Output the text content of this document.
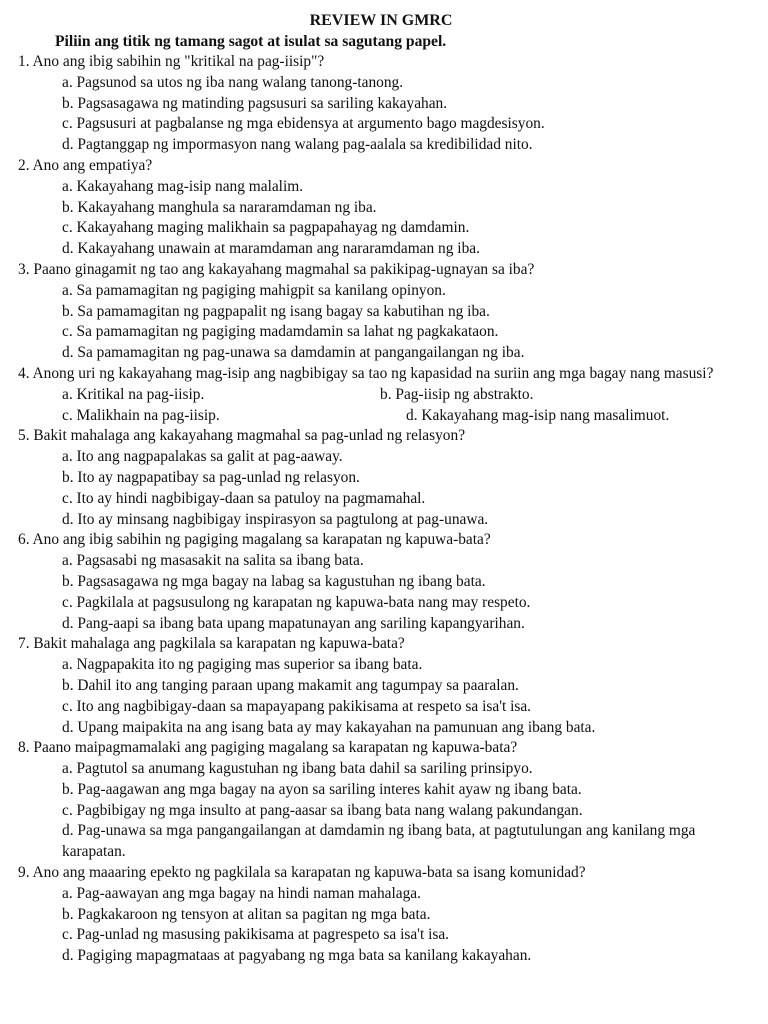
REVIEW IN GMRC
Piliin ang titik ng tamang sagot at isulat sa sagutang papel.
1. Ano ang ibig sabihin ng "kritikal na pag-iisip"?
a. Pagsunod sa utos ng iba nang walang tanong-tanong.
b. Pagsasagawa ng matinding pagsusuri sa sariling kakayahan.
c. Pagsusuri at pagbalanse ng mga ebidensya at argumento bago magdesisyon.
d. Pagtanggap ng impormasyon nang walang pag-aalala sa kredibilidad nito.
2. Ano ang empatiya?
a. Kakayahang mag-isip nang malalim.
b. Kakayahang manghula sa nararamdaman ng iba.
c. Kakayahang maging malikhain sa pagpapahayag ng damdamin.
d. Kakayahang unawain at maramdaman ang nararamdaman ng iba.
3. Paano ginagamit ng tao ang kakayahang magmahal sa pakikipag-ugnayan sa iba?
a. Sa pamamagitan ng pagiging mahigpit sa kanilang opinyon.
b. Sa pamamagitan ng pagpapalit ng isang bagay sa kabutihan ng iba.
c. Sa pamamagitan ng pagiging madamdamin sa lahat ng pagkakataon.
d. Sa pamamagitan ng pag-unawa sa damdamin at pangangailangan ng iba.
4. Anong uri ng kakayahang mag-isip ang nagbibigay sa tao ng kapasidad na suriin ang mga bagay nang masusi?
a. Kritikal na pag-iisip.	b. Pag-iisip ng abstrakto.
c. Malikhain na pag-iisip.	d. Kakayahang mag-isip nang masalimuot.
5. Bakit mahalaga ang kakayahang magmahal sa pag-unlad ng relasyon?
a. Ito ang nagpapalakas sa galit at pag-aaway.
b. Ito ay nagpapatibay sa pag-unlad ng relasyon.
c. Ito ay hindi nagbibigay-daan sa patuloy na pagmamahal.
d. Ito ay minsang nagbibigay inspirasyon sa pagtulong at pag-unawa.
6. Ano ang ibig sabihin ng pagiging magalang sa karapatan ng kapuwa-bata?
a. Pagsasabi ng masasakit na salita sa ibang bata.
b. Pagsasagawa ng mga bagay na labag sa kagustuhan ng ibang bata.
c. Pagkilala at pagsusulong ng karapatan ng kapuwa-bata nang may respeto.
d. Pang-aapi sa ibang bata upang mapatunayan ang sariling kapangyarihan.
7. Bakit mahalaga ang pagkilala sa karapatan ng kapuwa-bata?
a. Nagpapakita ito ng pagiging mas superior sa ibang bata.
b. Dahil ito ang tanging paraan upang makamit ang tagumpay sa paaralan.
c. Ito ang nagbibigay-daan sa mapayapang pakikisama at respeto sa isa't isa.
d. Upang maipakita na ang isang bata ay may kakayahan na pamunuan ang ibang bata.
8. Paano maipagmamalaki ang pagiging magalang sa karapatan ng kapuwa-bata?
a. Pagtutol sa anumang kagustuhan ng ibang bata dahil sa sariling prinsipyo.
b. Pag-aagawan ang mga bagay na ayon sa sariling interes kahit ayaw ng ibang bata.
c. Pagbibigay ng mga insulto at pang-aasar sa ibang bata nang walang pakundangan.
d. Pag-unawa sa mga pangangailangan at damdamin ng ibang bata, at pagtutulungan ang kanilang mga karapatan.
9. Ano ang maaaring epekto ng pagkilala sa karapatan ng kapuwa-bata sa isang komunidad?
a. Pag-aawayan ang mga bagay na hindi naman mahalaga.
b. Pagkakaroon ng tensyon at alitan sa pagitan ng mga bata.
c. Pag-unlad ng masusing pakikisama at pagrespeto sa isa't isa.
d. Pagiging mapagmataas at pagyabang ng mga bata sa kanilang kakayahan.
